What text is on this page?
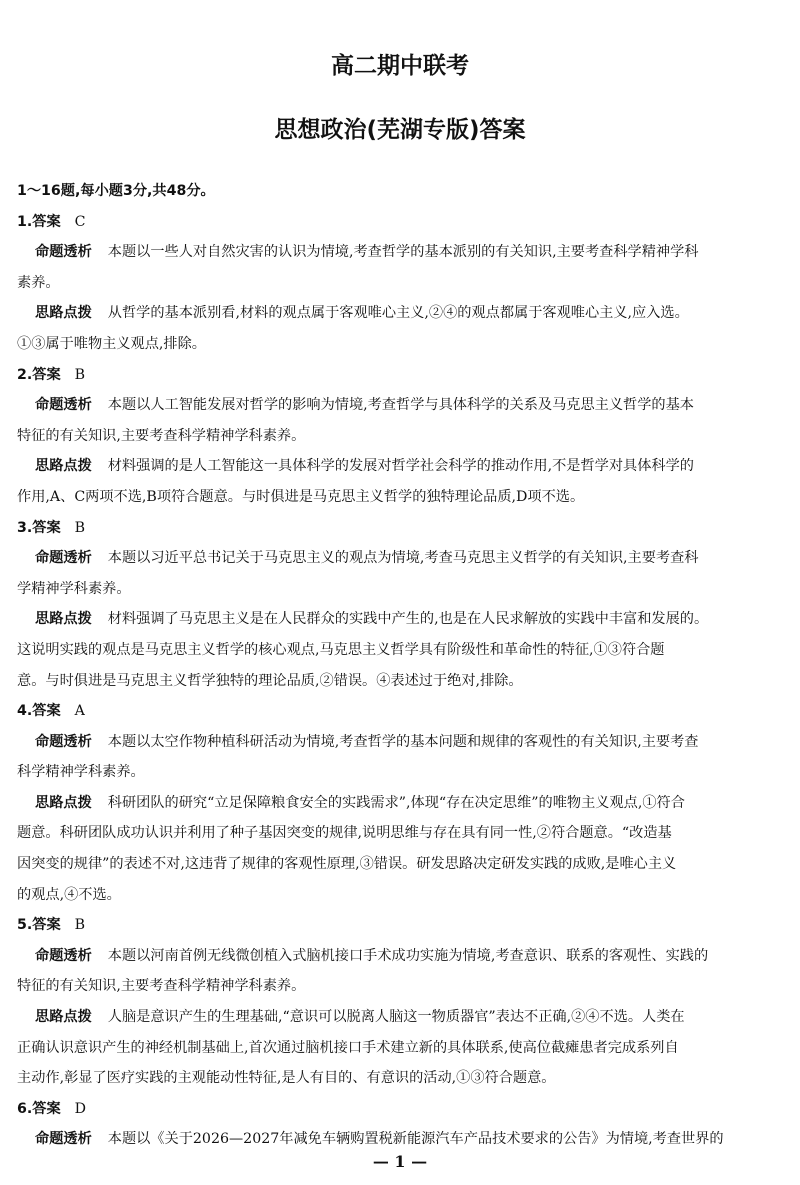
高二期中联考
思想政治(芜湖专版)答案
1～16题,每小题3分,共48分。
1.答案 C
命题透析 本题以一些人对自然灾害的认识为情境,考查哲学的基本派别的有关知识,主要考查科学精神学科
素养。
思路点拨 从哲学的基本派别看,材料的观点属于客观唯心主义,②④的观点都属于客观唯心主义,应入选。
①③属于唯物主义观点,排除。
2.答案 B
命题透析 本题以人工智能发展对哲学的影响为情境,考查哲学与具体科学的关系及马克思主义哲学的基本
特征的有关知识,主要考查科学精神学科素养。
思路点拨 材料强调的是人工智能这一具体科学的发展对哲学社会科学的推动作用,不是哲学对具体科学的
作用,A、C两项不选,B项符合题意。与时俱进是马克思主义哲学的独特理论品质,D项不选。
3.答案 B
命题透析 本题以习近平总书记关于马克思主义的观点为情境,考查马克思主义哲学的有关知识,主要考查科
学精神学科素养。
思路点拨 材料强调了马克思主义是在人民群众的实践中产生的,也是在人民求解放的实践中丰富和发展的。
这说明实践的观点是马克思主义哲学的核心观点,马克思主义哲学具有阶级性和革命性的特征,①③符合题
意。与时俱进是马克思主义哲学独特的理论品质,②错误。④表述过于绝对,排除。
4.答案 A
命题透析 本题以太空作物种植科研活动为情境,考查哲学的基本问题和规律的客观性的有关知识,主要考查
科学精神学科素养。
思路点拨 科研团队的研究“立足保障粮食安全的实践需求”,体现“存在决定思维”的唯物主义观点,①符合
题意。科研团队成功认识并利用了种子基因突变的规律,说明思维与存在具有同一性,②符合题意。“改造基
因突变的规律”的表述不对,这违背了规律的客观性原理,③错误。研发思路决定研发实践的成败,是唯心主义
的观点,④不选。
5.答案 B
命题透析 本题以河南首例无线微创植入式脑机接口手术成功实施为情境,考查意识、联系的客观性、实践的
特征的有关知识,主要考查科学精神学科素养。
思路点拨 人脑是意识产生的生理基础,“意识可以脱离人脑这一物质器官”表达不正确,②④不选。人类在
正确认识意识产生的神经机制基础上,首次通过脑机接口手术建立新的具体联系,使高位截瘫患者完成系列自
主动作,彰显了医疗实践的主观能动性特征,是人有目的、有意识的活动,①③符合题意。
6.答案 D
命题透析 本题以《关于2026—2027年减免车辆购置税新能源汽车产品技术要求的公告》为情境,考查世界的
— 1 —
